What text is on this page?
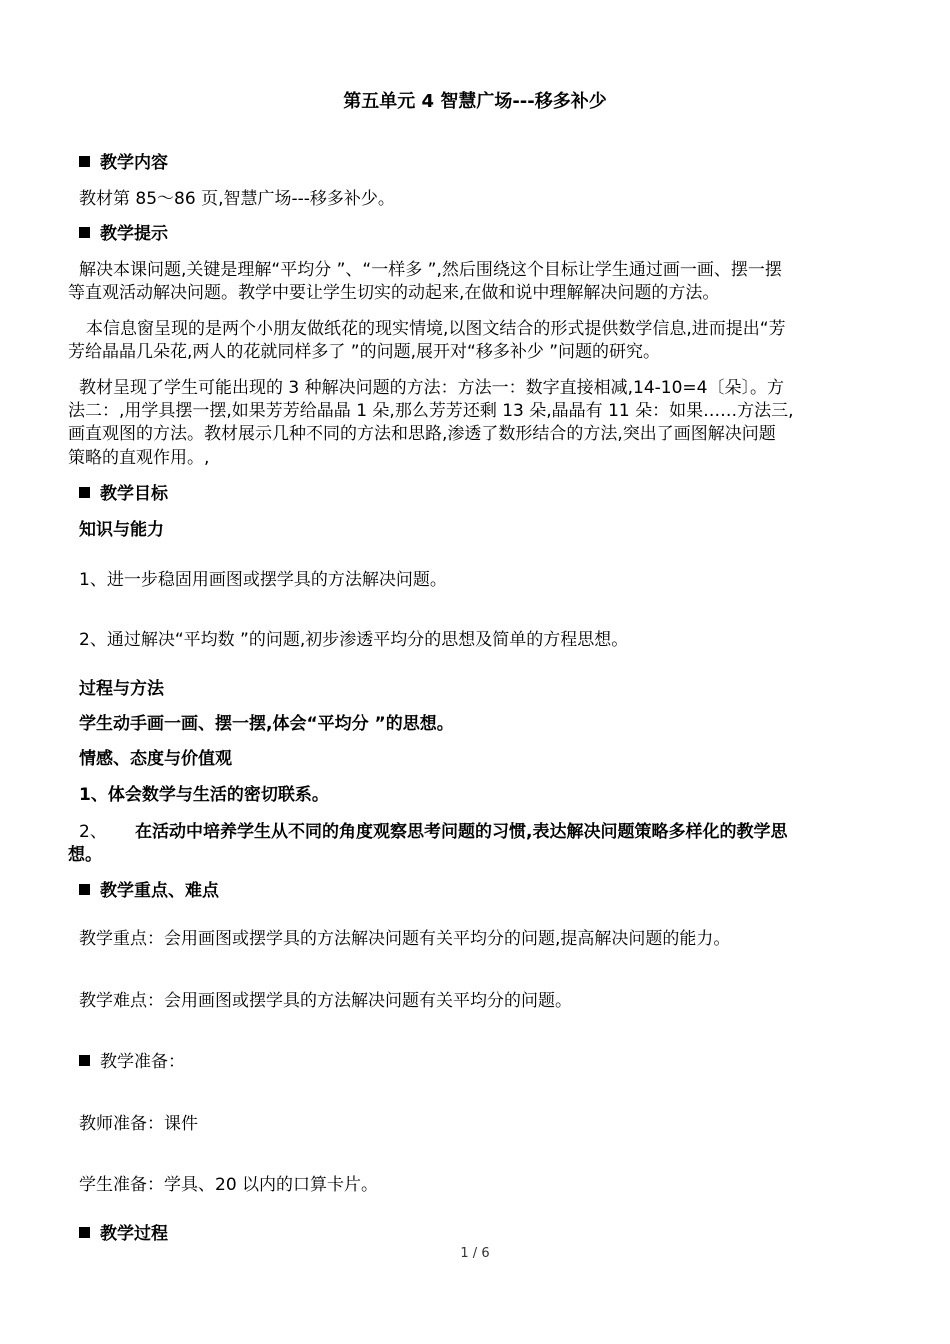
第五单元 4 智慧广场---移多补少
教学内容
教材第 85～86 页,智慧广场---移多补少。
教学提示
解决本课问题,关键是理解“平均分 ”、“一样多 ”,然后围绕这个目标让学生通过画一画、摆一摆
等直观活动解决问题。教学中要让学生切实的动起来,在做和说中理解解决问题的方法。
本信息窗呈现的是两个小朋友做纸花的现实情境,以图文结合的形式提供数学信息,进而提出“芳
芳给晶晶几朵花,两人的花就同样多了 ”的问题,展开对“移多补少 ”问题的研究。
教材呈现了学生可能出现的 3 种解决问题的方法：方法一：数字直接相减,14-10=4〔朵〕。方
法二：,用学具摆一摆,如果芳芳给晶晶 1 朵,那么芳芳还剩 13 朵,晶晶有 11 朵：如果……方法三,
画直观图的方法。教材展示几种不同的方法和思路,渗透了数形结合的方法,突出了画图解决问题
策略的直观作用。,
教学目标
知识与能力
1、进一步稳固用画图或摆学具的方法解决问题。
2、通过解决“平均数 ”的问题,初步渗透平均分的思想及简单的方程思想。
过程与方法
学生动手画一画、摆一摆,体会“平均分 ”的思想。
情感、态度与价值观
1、体会数学与生活的密切联系。
2、 在活动中培养学生从不同的角度观察思考问题的习惯,表达解决问题策略多样化的教学思
想。
教学重点、难点
教学重点：会用画图或摆学具的方法解决问题有关平均分的问题,提高解决问题的能力。
教学难点：会用画图或摆学具的方法解决问题有关平均分的问题。
教学准备：
教师准备：课件
学生准备：学具、20 以内的口算卡片。
教学过程
1 / 6
